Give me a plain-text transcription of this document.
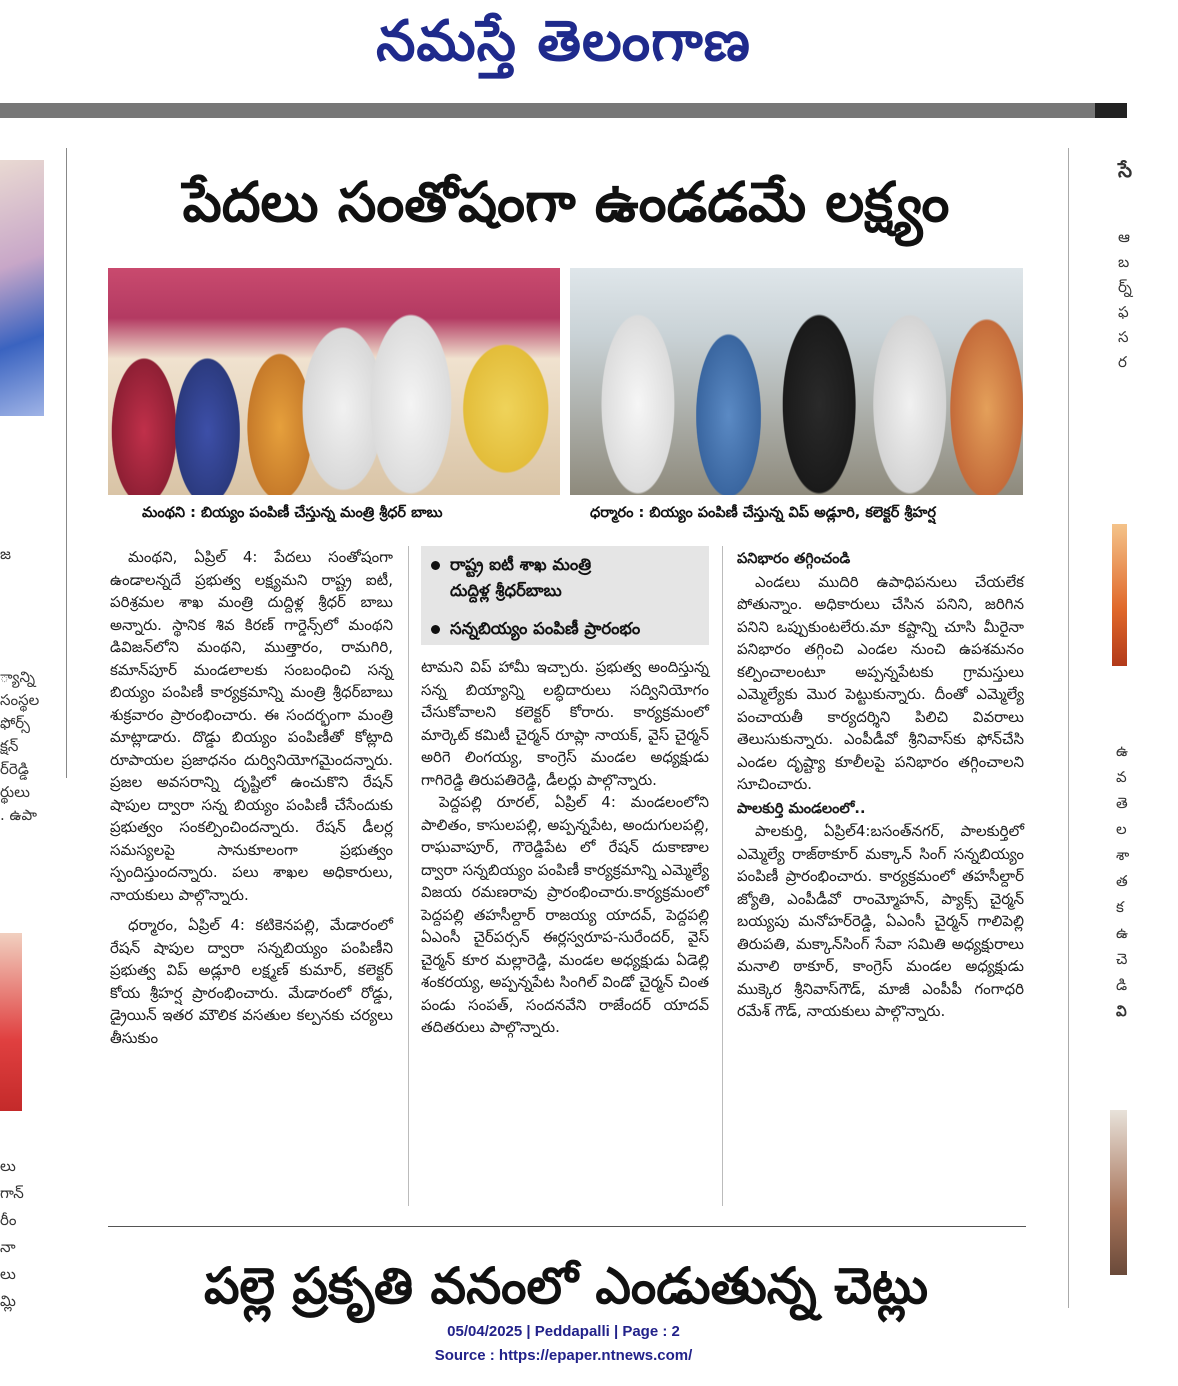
నమస్తే తెలంగాణ
జ
్యాన్ని
సంస్థల
ఫోర్స్
క్షన్
ర్‌రెడ్డి
ర్థులు
. ఉపా
లు
గాన్
రీం
నా
లు
మ్లి
సే
ఆ
బ
ర్న్
ఫ
స
ర
ఉ
వ
తె
ల
శా
త
క
ఉ
చె
డి
వి
పేదలు సంతోషంగా ఉండడమే లక్ష్యం
మంథని : బియ్యం పంపిణీ చేస్తున్న మంత్రి శ్రీధర్ బాబు	ధర్మారం : బియ్యం పంపిణీ చేస్తున్న విప్ అడ్లూరి, కలెక్టర్ శ్రీహర్ష

మంథని, ఏప్రిల్ 4: పేదలు సంతోషంగా ఉండాలన్నదే ప్రభుత్వ లక్ష్యమని రాష్ట్ర ఐటీ, పరిశ్రమల శాఖ మంత్రి దుద్దిళ్ల శ్రీధర్ బాబు అన్నారు. స్థానిక శివ కిరణ్ గార్డెన్స్‌లో మంథని డివిజన్‌లోని మంథని, ముత్తారం, రామగిరి, కమాన్‌పూర్ మండలాలకు సంబంధించి సన్న బియ్యం పంపిణీ కార్యక్రమాన్ని మంత్రి శ్రీధర్‌బాబు శుక్రవారం ప్రారంభించారు. ఈ సందర్భంగా మంత్రి మాట్లాడారు. దొడ్డు బియ్యం పంపిణీతో కోట్లాది రూపాయల ప్రజాధనం దుర్వినియోగమైందన్నారు. ప్రజల అవసరాన్ని దృష్టిలో ఉంచుకొని రేషన్ షాపుల ద్వారా సన్న బియ్యం పంపిణీ చేసేందుకు ప్రభుత్వం సంకల్పించిందన్నారు. రేషన్ డీలర్ల సమస్యలపై సానుకూలంగా ప్రభుత్వం స్పందిస్తుందన్నారు. పలు శాఖల అధికారులు, నాయకులు పాల్గొన్నారు.

ధర్మారం, ఏప్రిల్ 4: కటికెనపల్లి, మేడారంలో రేషన్ షాపుల ద్వారా సన్నబియ్యం పంపిణీని ప్రభుత్వ విప్ అడ్లూరి లక్ష్మణ్ కుమార్, కలెక్టర్ కోయ శ్రీహర్ష ప్రారంభించారు. మేడారంలో రోడ్డు, డ్రైయిన్ ఇతర మౌలిక వసతుల కల్పనకు చర్యలు తీసుకుం

రాష్ట్ర ఐటీ శాఖ మంత్రి
దుద్దిళ్ల శ్రీధర్‌బాబు
సన్నబియ్యం పంపిణీ ప్రారంభం

టామని విప్ హామీ ఇచ్చారు. ప్రభుత్వ అందిస్తున్న సన్న బియ్యాన్ని లబ్ధిదారులు సద్వినియోగం చేసుకోవాలని కలెక్టర్ కోరారు. కార్యక్రమంలో మార్కెట్ కమిటీ చైర్మన్ రూప్లా నాయక్, వైస్ చైర్మన్ అరిగె లింగయ్య, కాంగ్రెస్ మండల అధ్యక్షుడు గాగిరెడ్డి తిరుపతిరెడ్డి, డీలర్లు పాల్గొన్నారు.

పెద్దపల్లి రూరల్, ఏప్రిల్ 4: మండలంలోని పాలితం, కాసులపల్లి, అప్పన్నపేట, అందుగులపల్లి, రాఘవాపూర్, గౌరెడ్డిపేట లో రేషన్ దుకాణాల ద్వారా సన్నబియ్యం పంపిణీ కార్యక్రమాన్ని ఎమ్మెల్యే విజయ రమణరావు ప్రారంభించారు.కార్యక్రమంలో పెద్దపల్లి తహసీల్దార్ రాజయ్య యాదవ్, పెద్దపల్లి ఏఎంసీ చైర్‌పర్సన్ ఈర్లస్వరూప-సురేందర్, వైస్ చైర్మన్ కూర మల్లారెడ్డి, మండల అధ్యక్షుడు ఏడెల్లి శంకరయ్య, అప్పన్నపేట సింగిల్ విండో చైర్మన్ చింత పండు సంపత్, సందనవేని రాజేందర్ యాదవ్ తదితరులు పాల్గొన్నారు.

పనిభారం తగ్గించండి

ఎండలు ముదిరి ఉపాధిపనులు చేయలేక పోతున్నాం. అధికారులు చేసిన పనిని, జరిగిన పనిని ఒప్పుకుంటలేరు.మా కష్టాన్ని చూసి మీరైనా పనిభారం తగ్గించి ఎండల నుంచి ఉపశమనం కల్పించాలంటూ అప్పన్నపేటకు గ్రామస్తులు ఎమ్మెల్యేకు మొర పెట్టుకున్నారు. దీంతో ఎమ్మెల్యే పంచాయతీ కార్యదర్శిని పిలిచి వివరాలు తెలుసుకున్నారు. ఎంపీడీవో శ్రీనివాస్‌కు ఫోన్‌చేసి ఎండల దృష్ట్యా కూలీలపై పనిభారం తగ్గించాలని సూచించారు.

పాలకుర్తి మండలంలో..

పాలకుర్తి, ఏప్రిల్4:బసంత్‌నగర్, పాలకుర్తిలో ఎమ్మెల్యే రాజ్‌ఠాకూర్ మక్కాన్ సింగ్ సన్నబియ్యం పంపిణీ ప్రారంభించారు. కార్యక్రమంలో తహసీల్దార్ జ్యోతి, ఎంపీడీవో రాంమ్మోహన్, ప్యాక్స్ చైర్మన్ బయ్యపు మనోహర్‌రెడ్డి, ఏఎంసీ చైర్మన్ గాలిపెల్లి తిరుపతి, మక్కాన్‌సింగ్ సేవా సమితి అధ్యక్షురాలు మనాలి ఠాకూర్, కాంగ్రెస్ మండల అధ్యక్షుడు ముక్కెర శ్రీనివాస్‌గౌడ్, మాజీ ఎంపీపీ గంగాధరి రమేశ్ గౌడ్, నాయకులు పాల్గొన్నారు.

పల్లె ప్రకృతి వనంలో ఎండుతున్న చెట్లు
05/04/2025 | Peddapalli | Page : 2
Source : https://epaper.ntnews.com/
